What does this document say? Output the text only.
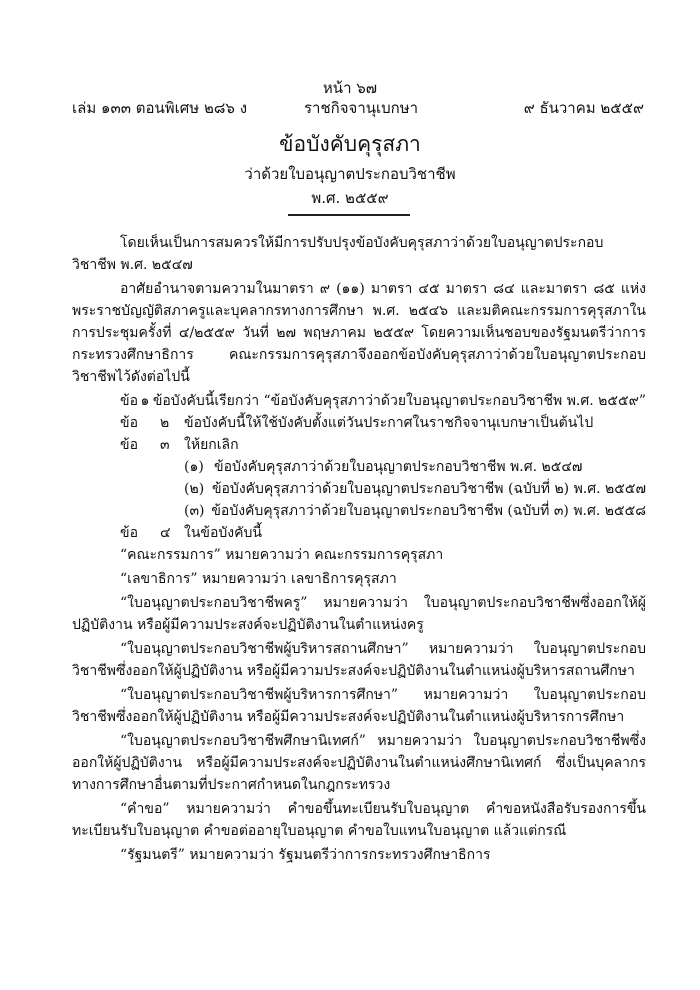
หน้า ๖๗
เล่ม ๑๓๓ ตอนพิเศษ ๒๘๖ ง	ราชกิจจานุเบกษา	๙ ธันวาคม ๒๕๕๙
ข้อบังคับคุรุสภา
ว่าด้วยใบอนุญาตประกอบวิชาชีพ
พ.ศ. ๒๕๕๙

โดยเห็นเป็นการสมควรให้มีการปรับปรุงข้อบังคับคุรุสภาว่าด้วยใบอนุญาตประกอบวิชาชีพ พ.ศ. ๒๕๔๗

อาศัยอำนาจตามความในมาตรา ๙ (๑๑) มาตรา ๔๕ มาตรา ๘๔ และมาตรา ๘๕ แห่งพระราชบัญญัติสภาครูและบุคลากรทางการศึกษา พ.ศ. ๒๕๔๖ และมติคณะกรรมการคุรุสภาในการประชุมครั้งที่ ๔/๒๕๕๙ วันที่ ๒๗ พฤษภาคม ๒๕๕๙ โดยความเห็นชอบของรัฐมนตรีว่าการกระทรวงศึกษาธิการ คณะกรรมการคุรุสภาจึงออกข้อบังคับคุรุสภาว่าด้วยใบอนุญาตประกอบวิชาชีพไว้ดังต่อไปนี้

ข้อ ๑ ข้อบังคับนี้เรียกว่า “ข้อบังคับคุรุสภาว่าด้วยใบอนุญาตประกอบวิชาชีพ พ.ศ. ๒๕๕๙”
ข้อ	๒	ข้อบังคับนี้ให้ใช้บังคับตั้งแต่วันประกาศในราชกิจจานุเบกษาเป็นต้นไป
ข้อ	๓	ให้ยกเลิก
(๑) ข้อบังคับคุรุสภาว่าด้วยใบอนุญาตประกอบวิชาชีพ พ.ศ. ๒๕๔๗
(๒) ข้อบังคับคุรุสภาว่าด้วยใบอนุญาตประกอบวิชาชีพ (ฉบับที่ ๒) พ.ศ. ๒๕๕๗
(๓) ข้อบังคับคุรุสภาว่าด้วยใบอนุญาตประกอบวิชาชีพ (ฉบับที่ ๓) พ.ศ. ๒๕๕๘
ข้อ	๔ ในข้อบังคับนี้

“คณะกรรมการ” หมายความว่า คณะกรรมการคุรุสภา

“เลขาธิการ” หมายความว่า เลขาธิการคุรุสภา

“ใบอนุญาตประกอบวิชาชีพครู” หมายความว่า ใบอนุญาตประกอบวิชาชีพซึ่งออกให้ผู้ปฏิบัติงาน หรือผู้มีความประสงค์จะปฏิบัติงานในตำแหน่งครู

“ใบอนุญาตประกอบวิชาชีพผู้บริหารสถานศึกษา” หมายความว่า ใบอนุญาตประกอบวิชาชีพซึ่งออกให้ผู้ปฏิบัติงาน หรือผู้มีความประสงค์จะปฏิบัติงานในตำแหน่งผู้บริหารสถานศึกษา

“ใบอนุญาตประกอบวิชาชีพผู้บริหารการศึกษา” หมายความว่า ใบอนุญาตประกอบวิชาชีพซึ่งออกให้ผู้ปฏิบัติงาน หรือผู้มีความประสงค์จะปฏิบัติงานในตำแหน่งผู้บริหารการศึกษา

“ใบอนุญาตประกอบวิชาชีพศึกษานิเทศก์” หมายความว่า ใบอนุญาตประกอบวิชาชีพซึ่งออกให้ผู้ปฏิบัติงาน หรือผู้มีความประสงค์จะปฏิบัติงานในตำแหน่งศึกษานิเทศก์ ซึ่งเป็นบุคลากรทางการศึกษาอื่นตามที่ประกาศกำหนดในกฎกระทรวง

“คำขอ” หมายความว่า คำขอขึ้นทะเบียนรับใบอนุญาต คำขอหนังสือรับรองการขึ้นทะเบียนรับใบอนุญาต คำขอต่ออายุใบอนุญาต คำขอใบแทนใบอนุญาต แล้วแต่กรณี

“รัฐมนตรี” หมายความว่า รัฐมนตรีว่าการกระทรวงศึกษาธิการ
